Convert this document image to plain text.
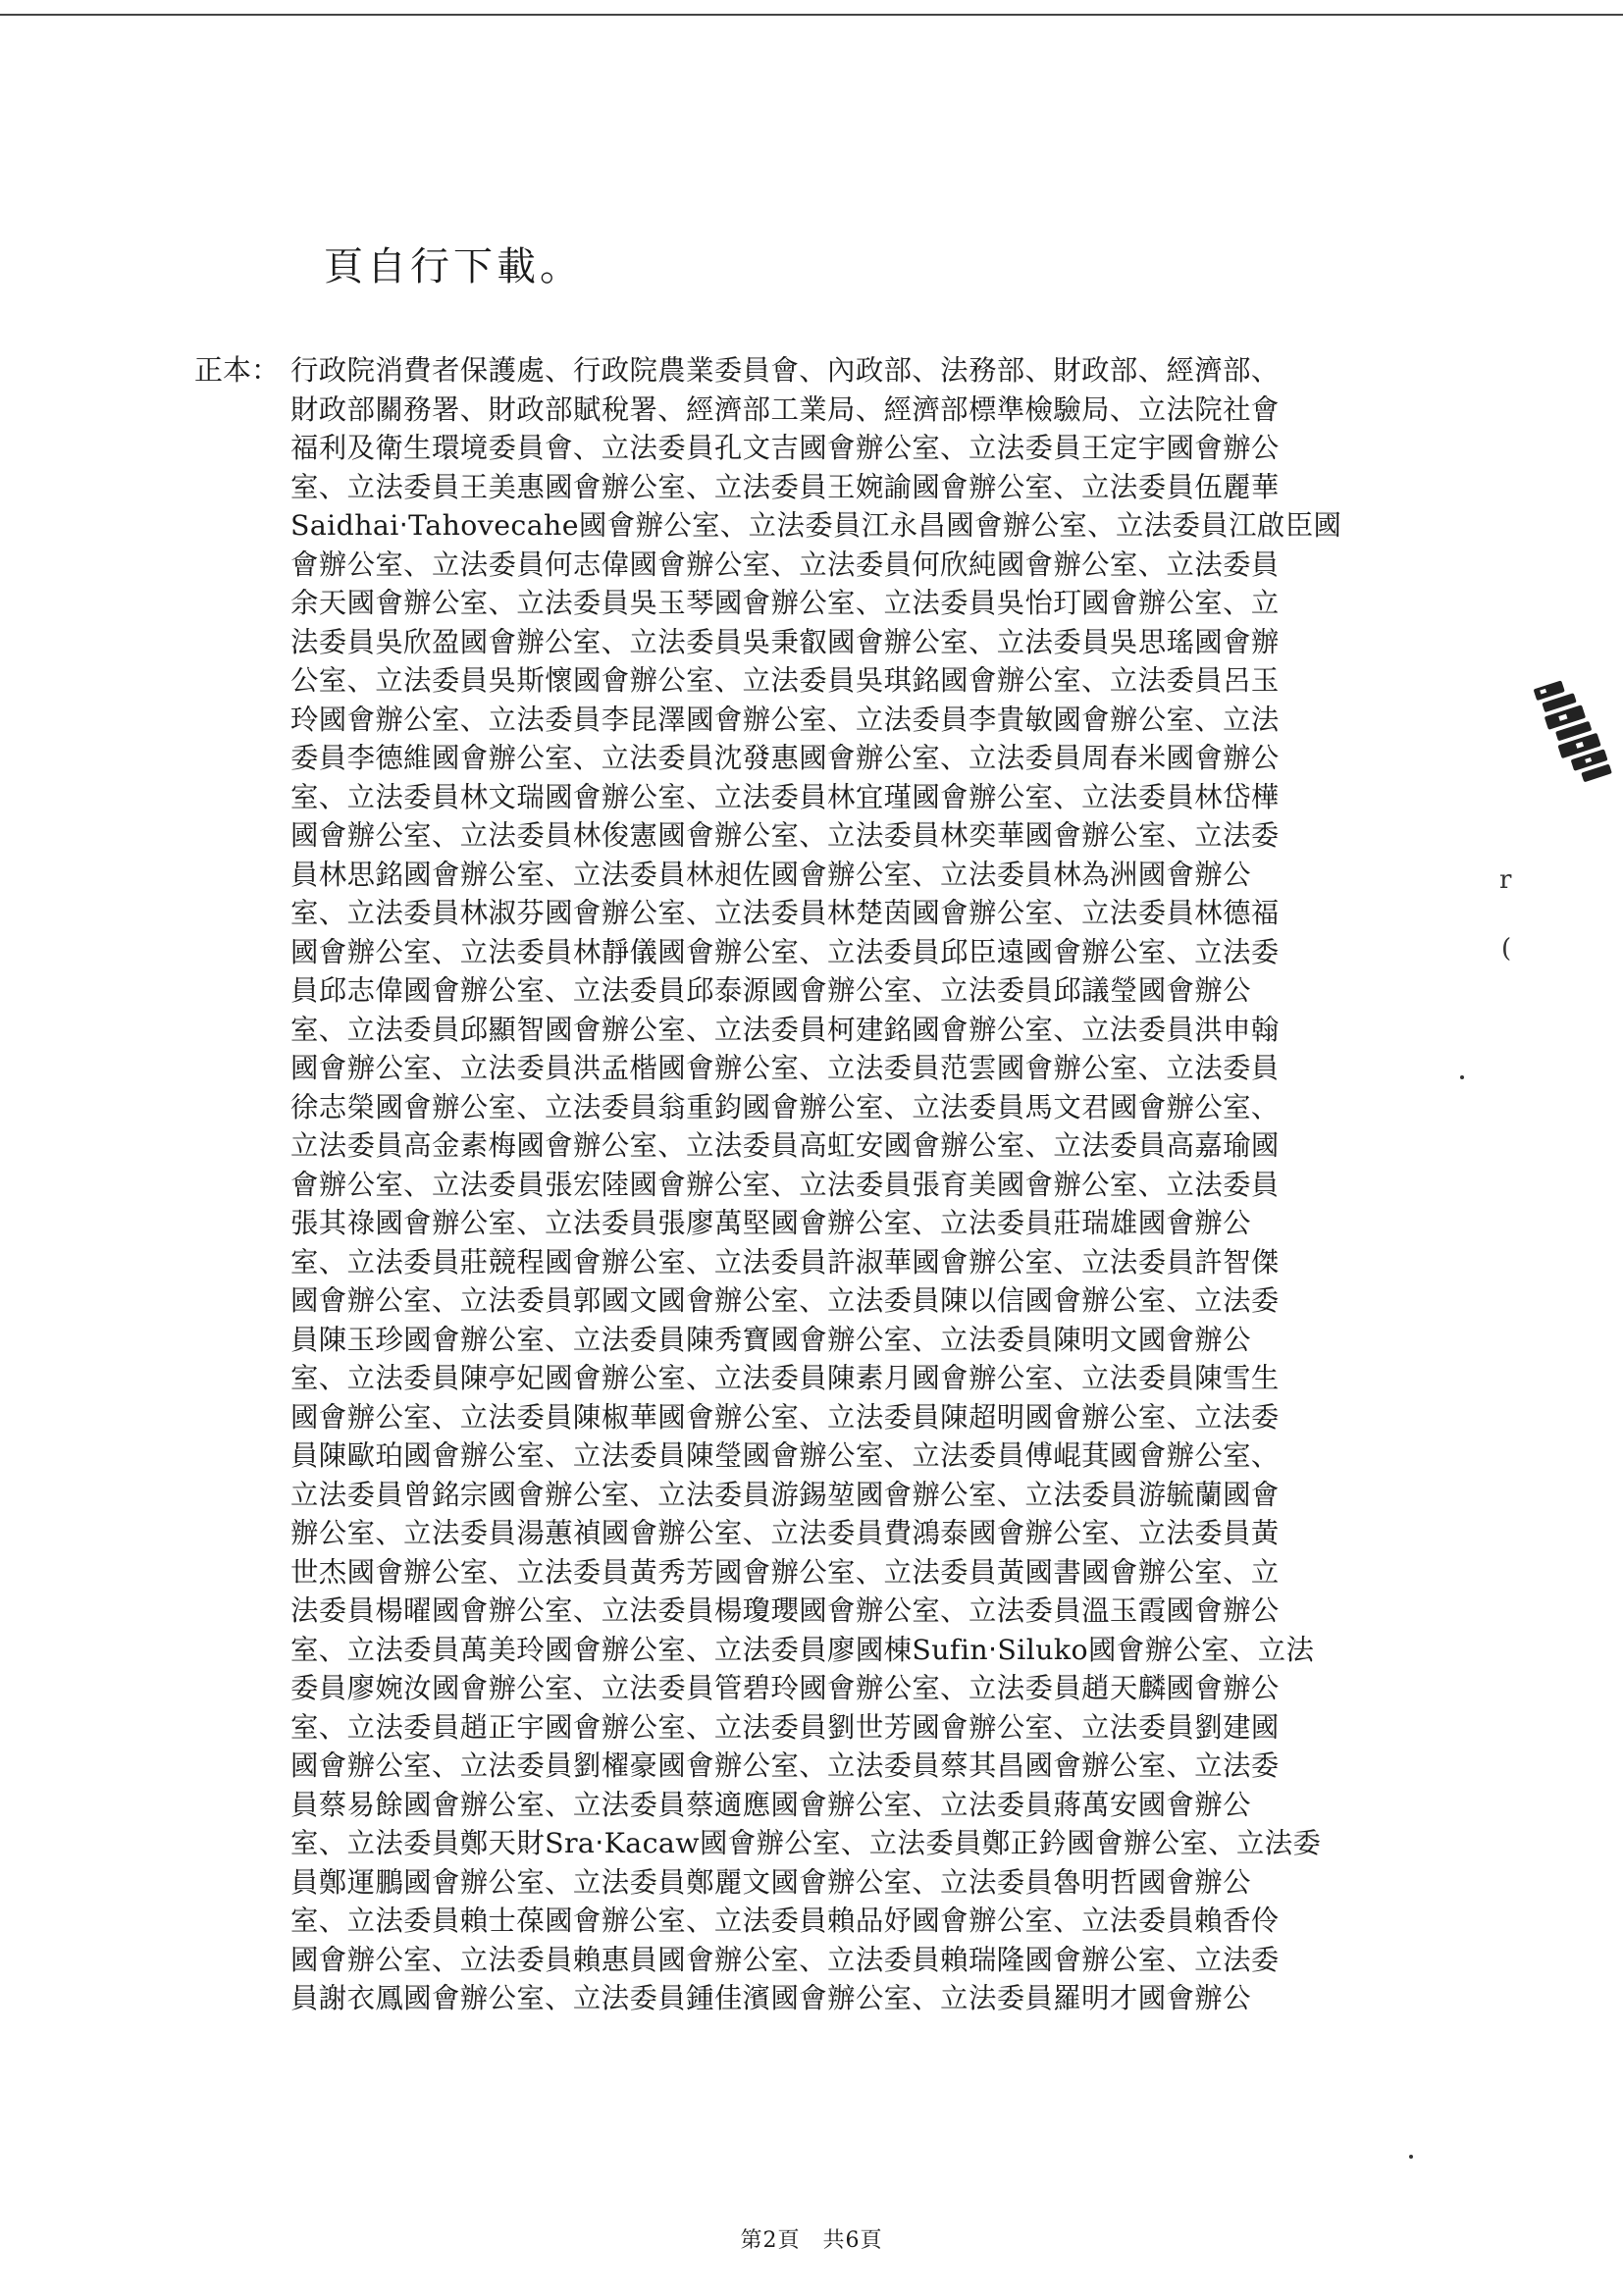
頁自行下載。
正本： 行政院消費者保護處、行政院農業委員會、內政部、法務部、財政部、經濟部、
財政部關務署、財政部賦稅署、經濟部工業局、經濟部標準檢驗局、立法院社會
福利及衛生環境委員會、立法委員孔文吉國會辦公室、立法委員王定宇國會辦公
室、立法委員王美惠國會辦公室、立法委員王婉諭國會辦公室、立法委員伍麗華
Saidhai‧Tahovecahe國會辦公室、立法委員江永昌國會辦公室、立法委員江啟臣國
會辦公室、立法委員何志偉國會辦公室、立法委員何欣純國會辦公室、立法委員
余天國會辦公室、立法委員吳玉琴國會辦公室、立法委員吳怡玎國會辦公室、立
法委員吳欣盈國會辦公室、立法委員吳秉叡國會辦公室、立法委員吳思瑤國會辦
公室、立法委員吳斯懷國會辦公室、立法委員吳琪銘國會辦公室、立法委員呂玉
玲國會辦公室、立法委員李昆澤國會辦公室、立法委員李貴敏國會辦公室、立法
委員李德維國會辦公室、立法委員沈發惠國會辦公室、立法委員周春米國會辦公
室、立法委員林文瑞國會辦公室、立法委員林宜瑾國會辦公室、立法委員林岱樺
國會辦公室、立法委員林俊憲國會辦公室、立法委員林奕華國會辦公室、立法委
員林思銘國會辦公室、立法委員林昶佐國會辦公室、立法委員林為洲國會辦公
室、立法委員林淑芬國會辦公室、立法委員林楚茵國會辦公室、立法委員林德福
國會辦公室、立法委員林靜儀國會辦公室、立法委員邱臣遠國會辦公室、立法委
員邱志偉國會辦公室、立法委員邱泰源國會辦公室、立法委員邱議瑩國會辦公
室、立法委員邱顯智國會辦公室、立法委員柯建銘國會辦公室、立法委員洪申翰
國會辦公室、立法委員洪孟楷國會辦公室、立法委員范雲國會辦公室、立法委員
徐志榮國會辦公室、立法委員翁重鈞國會辦公室、立法委員馬文君國會辦公室、
立法委員高金素梅國會辦公室、立法委員高虹安國會辦公室、立法委員高嘉瑜國
會辦公室、立法委員張宏陸國會辦公室、立法委員張育美國會辦公室、立法委員
張其祿國會辦公室、立法委員張廖萬堅國會辦公室、立法委員莊瑞雄國會辦公
室、立法委員莊競程國會辦公室、立法委員許淑華國會辦公室、立法委員許智傑
國會辦公室、立法委員郭國文國會辦公室、立法委員陳以信國會辦公室、立法委
員陳玉珍國會辦公室、立法委員陳秀寶國會辦公室、立法委員陳明文國會辦公
室、立法委員陳亭妃國會辦公室、立法委員陳素月國會辦公室、立法委員陳雪生
國會辦公室、立法委員陳椒華國會辦公室、立法委員陳超明國會辦公室、立法委
員陳歐珀國會辦公室、立法委員陳瑩國會辦公室、立法委員傅崐萁國會辦公室、
立法委員曾銘宗國會辦公室、立法委員游錫堃國會辦公室、立法委員游毓蘭國會
辦公室、立法委員湯蕙禎國會辦公室、立法委員費鴻泰國會辦公室、立法委員黃
世杰國會辦公室、立法委員黃秀芳國會辦公室、立法委員黃國書國會辦公室、立
法委員楊曜國會辦公室、立法委員楊瓊瓔國會辦公室、立法委員溫玉霞國會辦公
室、立法委員萬美玲國會辦公室、立法委員廖國棟Sufin‧Siluko國會辦公室、立法
委員廖婉汝國會辦公室、立法委員管碧玲國會辦公室、立法委員趙天麟國會辦公
室、立法委員趙正宇國會辦公室、立法委員劉世芳國會辦公室、立法委員劉建國
國會辦公室、立法委員劉櫂豪國會辦公室、立法委員蔡其昌國會辦公室、立法委
員蔡易餘國會辦公室、立法委員蔡適應國會辦公室、立法委員蔣萬安國會辦公
室、立法委員鄭天財Sra‧Kacaw國會辦公室、立法委員鄭正鈐國會辦公室、立法委
員鄭運鵬國會辦公室、立法委員鄭麗文國會辦公室、立法委員魯明哲國會辦公
室、立法委員賴士葆國會辦公室、立法委員賴品妤國會辦公室、立法委員賴香伶
國會辦公室、立法委員賴惠員國會辦公室、立法委員賴瑞隆國會辦公室、立法委
員謝衣鳳國會辦公室、立法委員鍾佳濱國會辦公室、立法委員羅明才國會辦公
r
(
第2頁　共6頁
